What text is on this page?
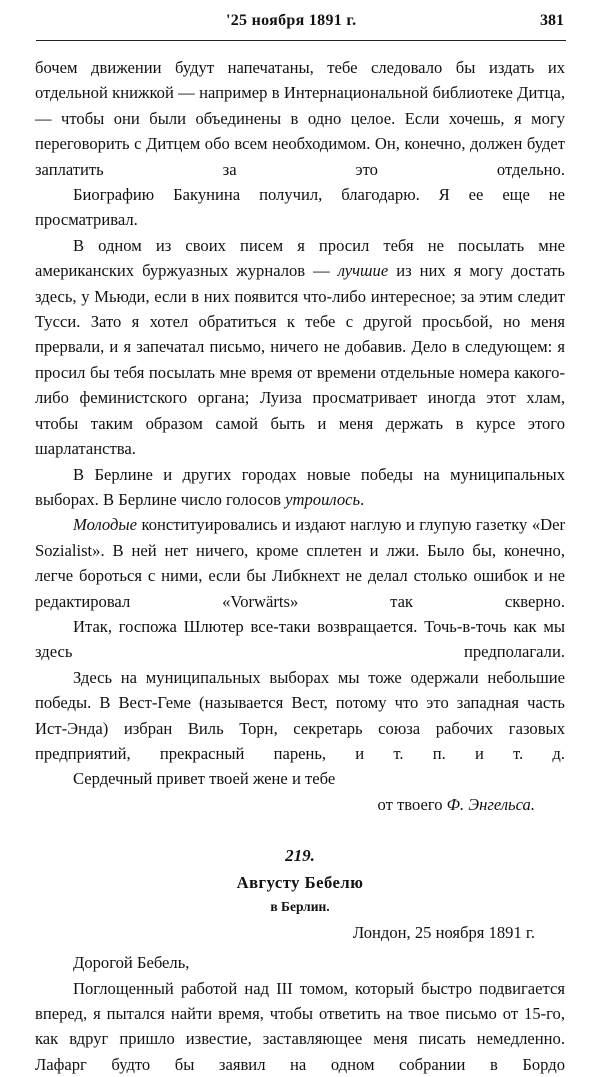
'25 ноября 1891 г.	381

бочем движении будут напечатаны, тебе следовало бы издать их отдельной книжкой — например в Интернациональной библиотеке Дитца, — чтобы они были объединены в одно целое. Если хочешь, я могу переговорить с Дитцем обо всем необходимом. Он, конечно, должен будет заплатить за это отдельно.

Биографию Бакунина получил, благодарю. Я ее еще не просматривал.

В одном из своих писем я просил тебя не посылать мне американских буржуазных журналов — лучшие из них я могу достать здесь, у Мьюди, если в них появится что-либо интересное; за этим следит Тусси. Зато я хотел обратиться к тебе с другой просьбой, но меня прервали, и я запечатал письмо, ничего не добавив. Дело в следующем: я просил бы тебя посылать мне время от времени отдельные номера какого-либо феминистского органа; Луиза просматривает иногда этот хлам, чтобы таким образом самой быть и меня держать в курсе этого шарлатанства.

В Берлине и других городах новые победы на муниципальных выборах. В Берлине число голосов утроилось.

Молодые конституировались и издают наглую и глупую газетку «Der Sozialist». В ней нет ничего, кроме сплетен и лжи. Было бы, конечно, легче бороться с ними, если бы Либкнехт не делал столько ошибок и не редактировал «Vorwärts» так скверно.

Итак, госпожа Шлютер все-таки возвращается. Точь-в-точь как мы здесь предполагали.

Здесь на муниципальных выборах мы тоже одержали небольшие победы. В Вест-Геме (называется Вест, потому что это западная часть Ист-Энда) избран Виль Торн, секретарь союза рабочих газовых предприятий, прекрасный парень, и т. п. и т. д.

Сердечный привет твоей жене и тебе

от твоего Ф. Энгельса.

219.
Августу Бебелю
в Берлин.
Лондон, 25 ноября 1891 г.

Дорогой Бебель,

Поглощенный работой над III томом, который быстро подвигается вперед, я пытался найти время, чтобы ответить на твое письмо от 15-го, как вдруг пришло известие, заставляющее меня писать немедленно. Лафарг будто бы заявил на одном собрании в Бордо
